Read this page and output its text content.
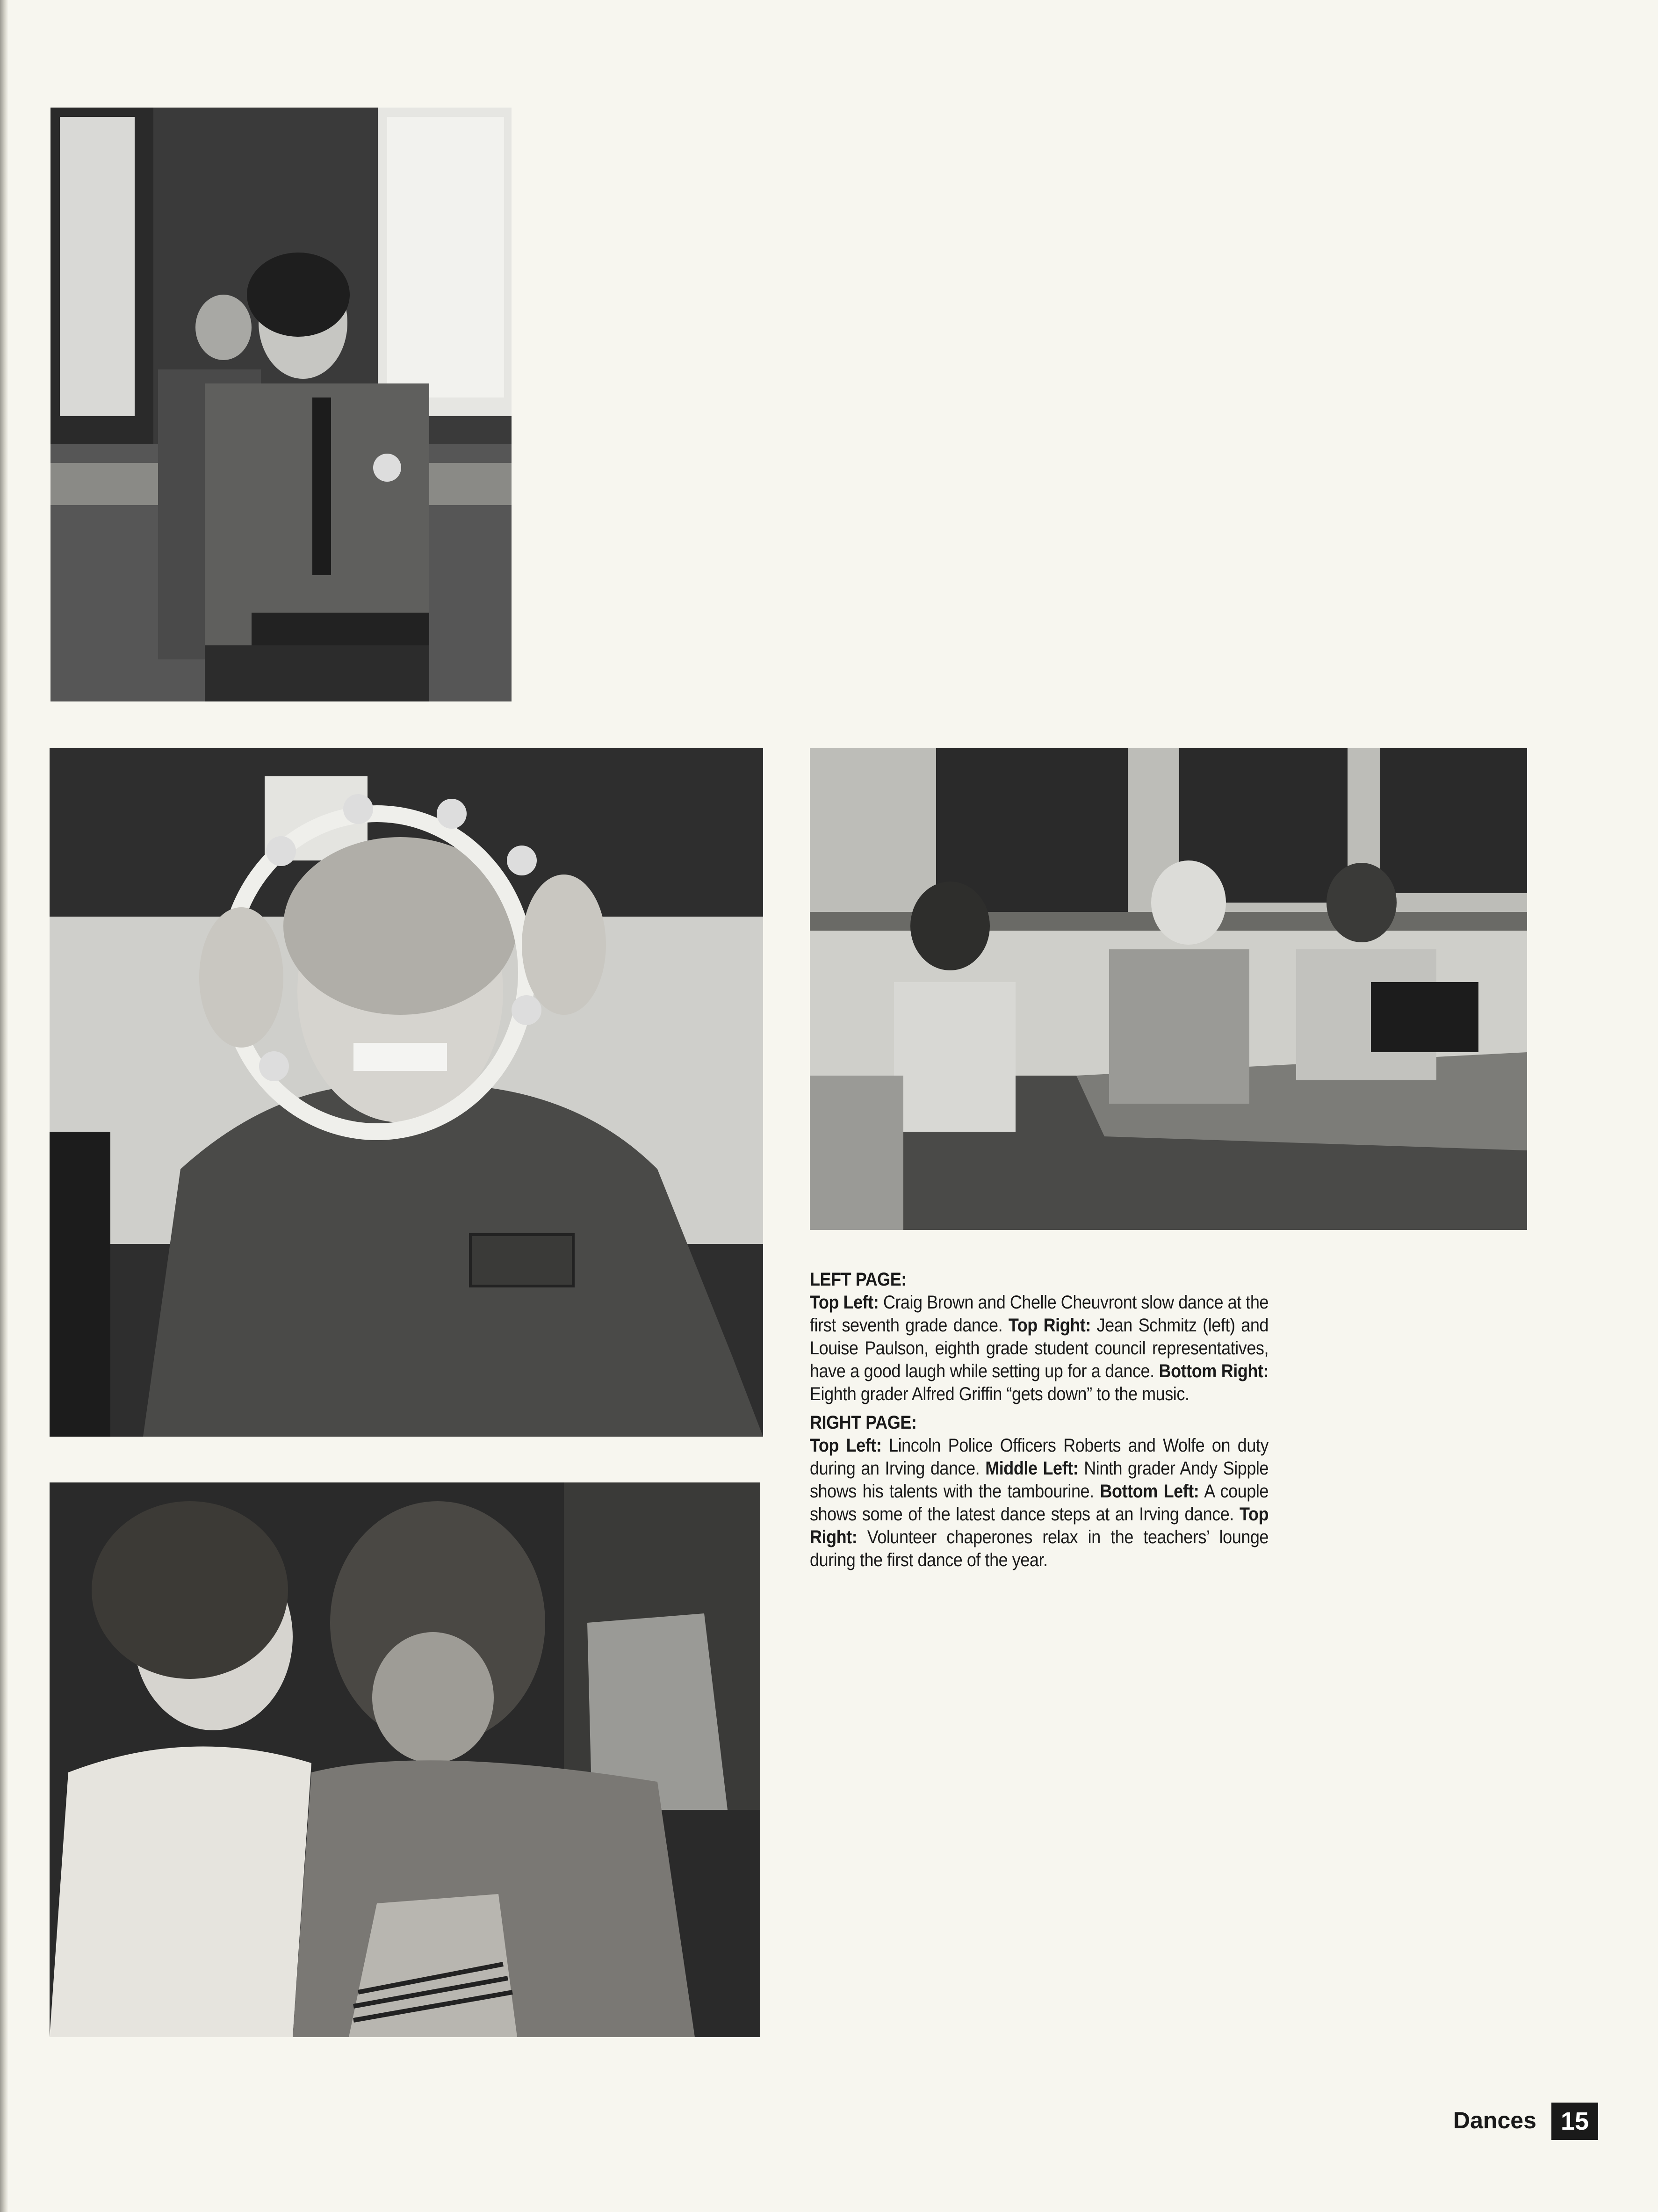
LEFT PAGE:
Top Left: Craig Brown and Chelle Cheuvront slow dance at the first seventh grade dance. Top Right: Jean Schmitz (left) and Louise Paulson, eighth grade student council representatives, have a good laugh while setting up for a dance. Bottom Right: Eighth grader Alfred Griffin “gets down” to the music.
RIGHT PAGE:
Top Left: Lincoln Police Officers Roberts and Wolfe on duty during an Irving dance. Middle Left: Ninth grader Andy Sipple shows his talents with the tambourine. Bottom Left: A couple shows some of the latest dance steps at an Irving dance. Top Right: Volunteer chaperones relax in the teachers’ lounge during the first dance of the year.
Dances 15
